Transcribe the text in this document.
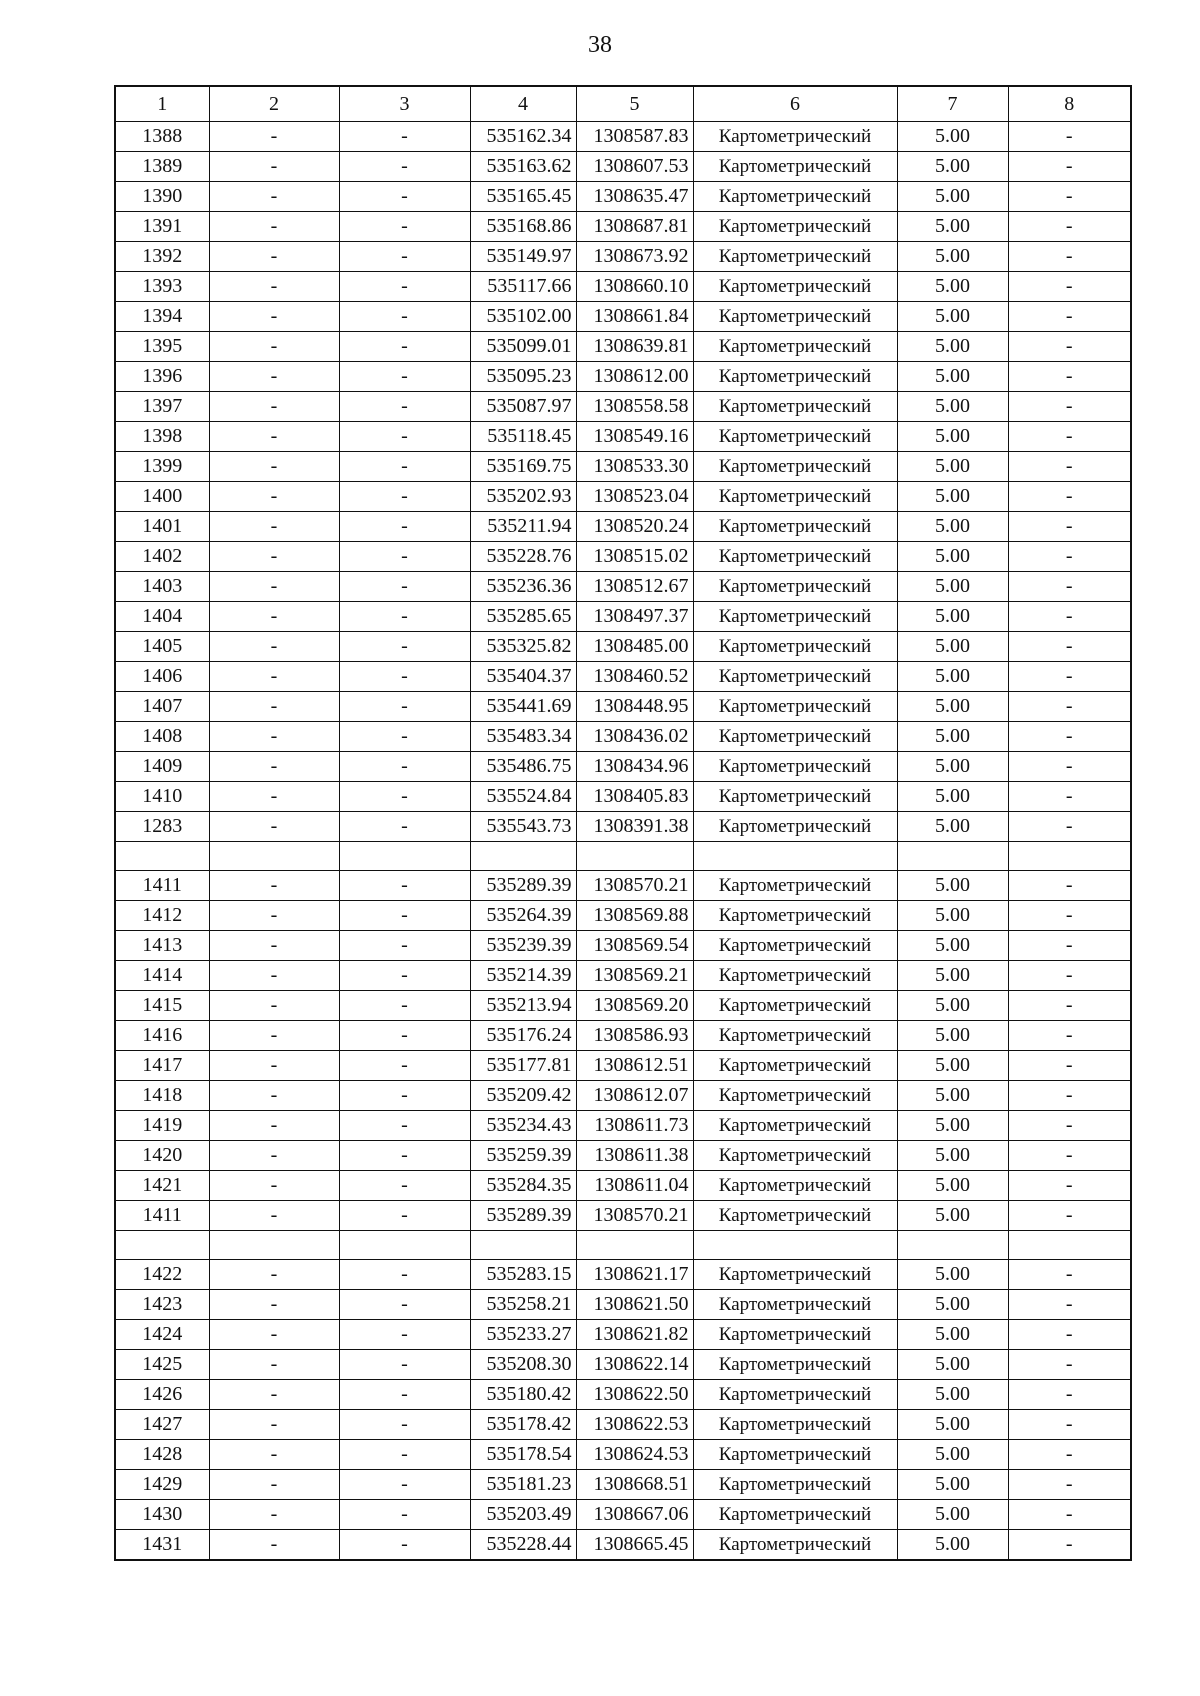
38
1	2	3	4	5	6	7	8
1388	-	-	535162.34	1308587.83	Картометрический	5.00	-
1389	-	-	535163.62	1308607.53	Картометрический	5.00	-
1390	-	-	535165.45	1308635.47	Картометрический	5.00	-
1391	-	-	535168.86	1308687.81	Картометрический	5.00	-
1392	-	-	535149.97	1308673.92	Картометрический	5.00	-
1393	-	-	535117.66	1308660.10	Картометрический	5.00	-
1394	-	-	535102.00	1308661.84	Картометрический	5.00	-
1395	-	-	535099.01	1308639.81	Картометрический	5.00	-
1396	-	-	535095.23	1308612.00	Картометрический	5.00	-
1397	-	-	535087.97	1308558.58	Картометрический	5.00	-
1398	-	-	535118.45	1308549.16	Картометрический	5.00	-
1399	-	-	535169.75	1308533.30	Картометрический	5.00	-
1400	-	-	535202.93	1308523.04	Картометрический	5.00	-
1401	-	-	535211.94	1308520.24	Картометрический	5.00	-
1402	-	-	535228.76	1308515.02	Картометрический	5.00	-
1403	-	-	535236.36	1308512.67	Картометрический	5.00	-
1404	-	-	535285.65	1308497.37	Картометрический	5.00	-
1405	-	-	535325.82	1308485.00	Картометрический	5.00	-
1406	-	-	535404.37	1308460.52	Картометрический	5.00	-
1407	-	-	535441.69	1308448.95	Картометрический	5.00	-
1408	-	-	535483.34	1308436.02	Картометрический	5.00	-
1409	-	-	535486.75	1308434.96	Картометрический	5.00	-
1410	-	-	535524.84	1308405.83	Картометрический	5.00	-
1283	-	-	535543.73	1308391.38	Картометрический	5.00	-

1411	-	-	535289.39	1308570.21	Картометрический	5.00	-
1412	-	-	535264.39	1308569.88	Картометрический	5.00	-
1413	-	-	535239.39	1308569.54	Картометрический	5.00	-
1414	-	-	535214.39	1308569.21	Картометрический	5.00	-
1415	-	-	535213.94	1308569.20	Картометрический	5.00	-
1416	-	-	535176.24	1308586.93	Картометрический	5.00	-
1417	-	-	535177.81	1308612.51	Картометрический	5.00	-
1418	-	-	535209.42	1308612.07	Картометрический	5.00	-
1419	-	-	535234.43	1308611.73	Картометрический	5.00	-
1420	-	-	535259.39	1308611.38	Картометрический	5.00	-
1421	-	-	535284.35	1308611.04	Картометрический	5.00	-
1411	-	-	535289.39	1308570.21	Картометрический	5.00	-

1422	-	-	535283.15	1308621.17	Картометрический	5.00	-
1423	-	-	535258.21	1308621.50	Картометрический	5.00	-
1424	-	-	535233.27	1308621.82	Картометрический	5.00	-
1425	-	-	535208.30	1308622.14	Картометрический	5.00	-
1426	-	-	535180.42	1308622.50	Картометрический	5.00	-
1427	-	-	535178.42	1308622.53	Картометрический	5.00	-
1428	-	-	535178.54	1308624.53	Картометрический	5.00	-
1429	-	-	535181.23	1308668.51	Картометрический	5.00	-
1430	-	-	535203.49	1308667.06	Картометрический	5.00	-
1431	-	-	535228.44	1308665.45	Картометрический	5.00	-
